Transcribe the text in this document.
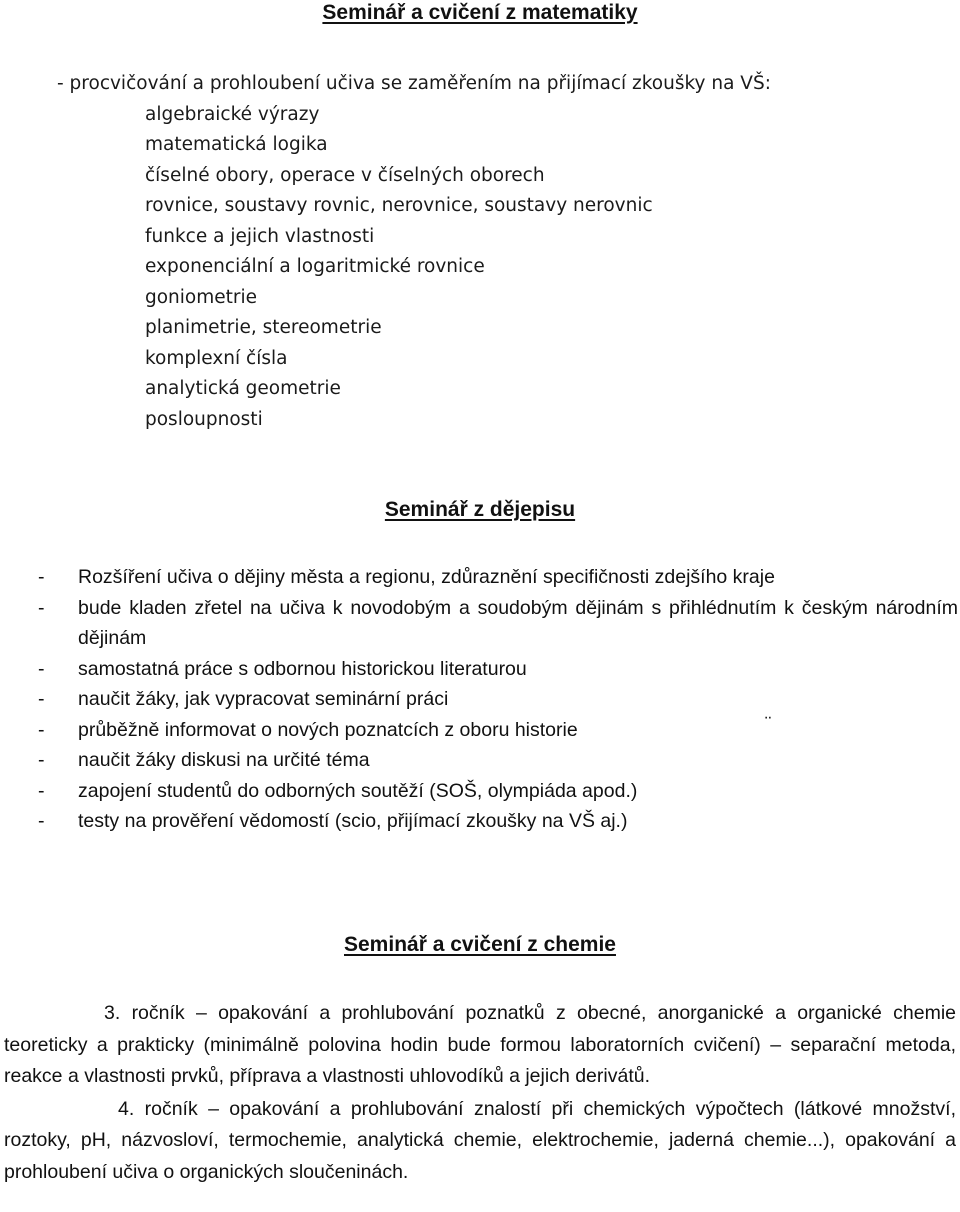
Seminář a cvičení z matematiky
- procvičování a prohloubení učiva se zaměřením na přijímací zkoušky na VŠ:
algebraické výrazy
matematická logika
číselné obory, operace v číselných oborech
rovnice, soustavy rovnic, nerovnice, soustavy nerovnic
funkce a jejich vlastnosti
exponenciální a logaritmické rovnice
goniometrie
planimetrie, stereometrie
komplexní čísla
analytická geometrie
posloupnosti
Seminář z dějepisu
- Rozšíření učiva o dějiny města a regionu, zdůraznění specifičnosti zdejšího kraje
- bude kladen zřetel na učiva k novodobým a soudobým dějinám s přihlédnutím k českým národním dějinám
- samostatná práce s odbornou historickou literaturou
- naučit žáky, jak vypracovat seminární práci
- průběžně informovat o nových poznatcích z oboru historie
- naučit žáky diskusi na určité téma
- zapojení studentů do odborných soutěží (SOŠ, olympiáda apod.)
- testy na prověření vědomostí (scio, přijímací zkoušky na VŠ aj.)
¨
Seminář a cvičení z chemie

3. ročník – opakování a prohlubování poznatků z obecné, anorganické a organické chemie teoreticky a prakticky (minimálně polovina hodin bude formou laboratorních cvičení) – separační metoda, reakce a vlastnosti prvků, příprava a vlastnosti uhlovodíků a jejich derivátů.

4. ročník – opakování a prohlubování znalostí při chemických výpočtech (látkové množství, roztoky, pH, názvosloví, termochemie, analytická chemie, elektrochemie, jaderná chemie...), opakování a prohloubení učiva o organických sloučeninách.
